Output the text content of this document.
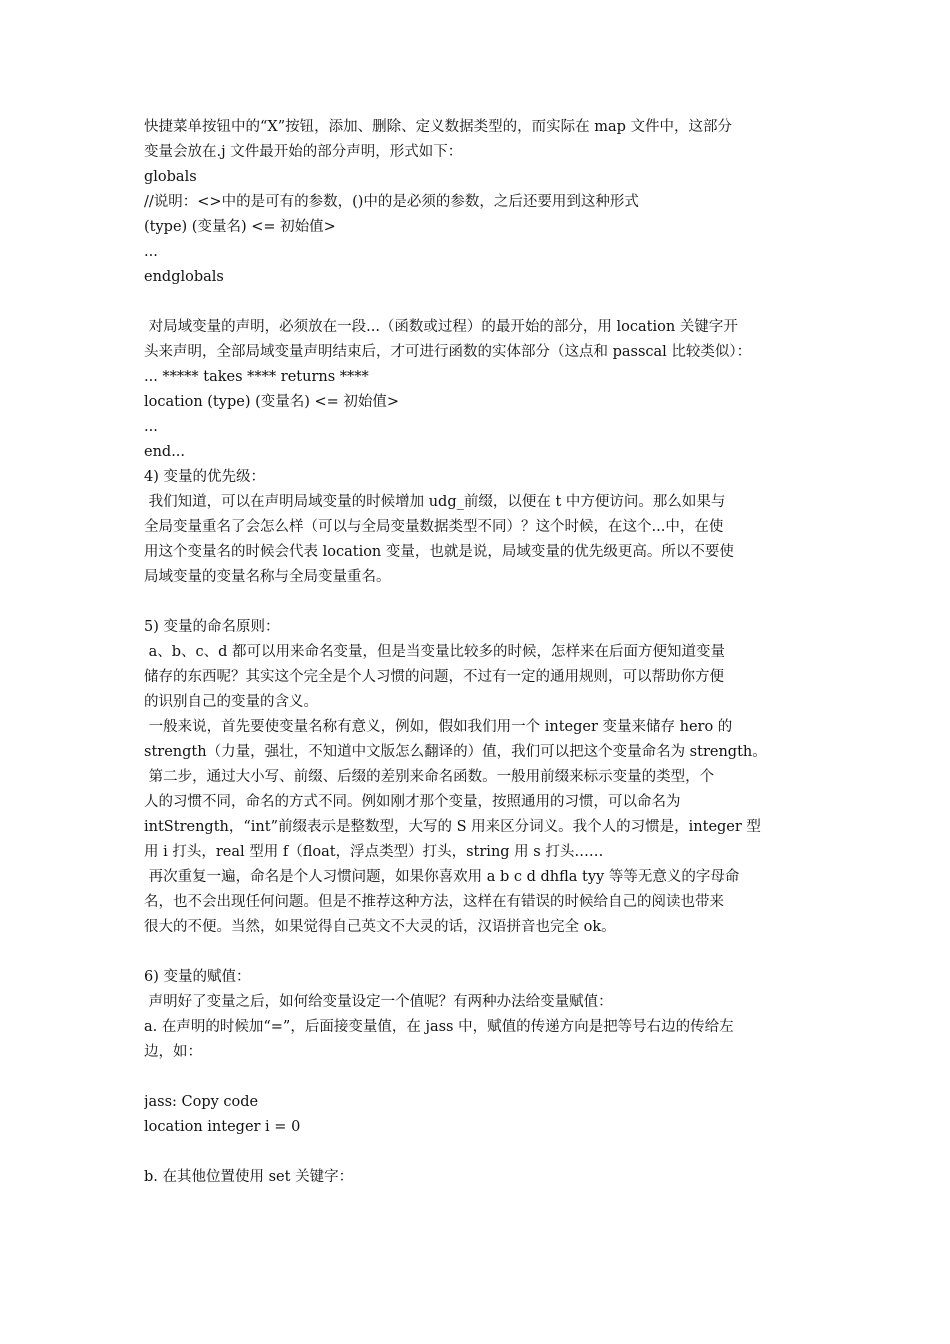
快捷菜单按钮中的“X”按钮，添加、删除、定义数据类型的，而实际在 map 文件中，这部分
变量会放在.j 文件最开始的部分声明，形式如下：
globals
//说明：<>中的是可有的参数，()中的是必须的参数，之后还要用到这种形式
(type) (变量名) <= 初始值>
...
endglobals
对局域变量的声明，必须放在一段...（函数或过程）的最开始的部分，用 location 关键字开
头来声明，全部局域变量声明结束后，才可进行函数的实体部分（这点和 passcal 比较类似）：
... ***** takes **** returns ****
location (type) (变量名) <= 初始值>
...
end...
4) 变量的优先级：
我们知道，可以在声明局域变量的时候增加 udg_前缀，以便在 t 中方便访问。那么如果与
全局变量重名了会怎么样（可以与全局变量数据类型不同）？这个时候，在这个...中，在使
用这个变量名的时候会代表 location 变量，也就是说，局域变量的优先级更高。所以不要使
局域变量的变量名称与全局变量重名。
5) 变量的命名原则：
a、b、c、d 都可以用来命名变量，但是当变量比较多的时候，怎样来在后面方便知道变量
储存的东西呢？其实这个完全是个人习惯的问题，不过有一定的通用规则，可以帮助你方便
的识别自己的变量的含义。
一般来说，首先要使变量名称有意义，例如，假如我们用一个 integer 变量来储存 hero 的
strength（力量，强壮，不知道中文版怎么翻译的）值，我们可以把这个变量命名为 strength。
第二步，通过大小写、前缀、后缀的差别来命名函数。一般用前缀来标示变量的类型，个
人的习惯不同，命名的方式不同。例如刚才那个变量，按照通用的习惯，可以命名为
intStrength，“int”前缀表示是整数型，大写的 S 用来区分词义。我个人的习惯是，integer 型
用 i 打头，real 型用 f（float，浮点类型）打头，string 用 s 打头……
再次重复一遍，命名是个人习惯问题，如果你喜欢用 a b c d dhfla tyy 等等无意义的字母命
名，也不会出现任何问题。但是不推荐这种方法，这样在有错误的时候给自己的阅读也带来
很大的不便。当然，如果觉得自己英文不大灵的话，汉语拼音也完全 ok。
6) 变量的赋值：
声明好了变量之后，如何给变量设定一个值呢？有两种办法给变量赋值：
a. 在声明的时候加“=”，后面接变量值，在 jass 中，赋值的传递方向是把等号右边的传给左
边，如：
jass: Copy code
location integer i = 0
b. 在其他位置使用 set 关键字：
